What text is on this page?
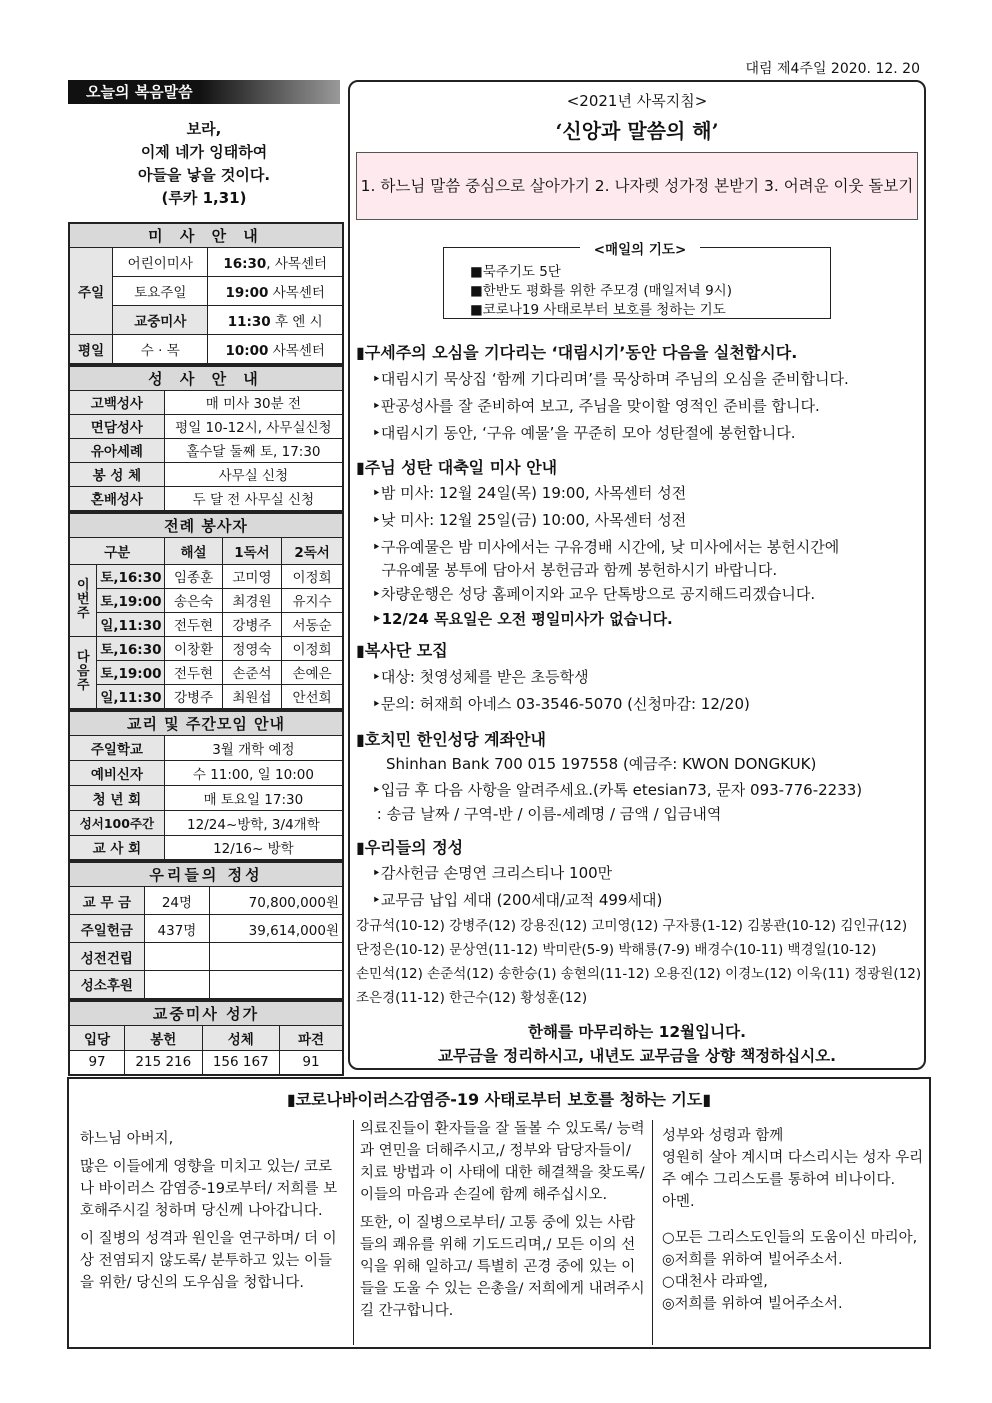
대림 제4주일 2020. 12. 20
오늘의 복음말씀
보라,
이제 네가 잉태하여
아들을 낳을 것이다.
(루카 1,31)
미 사 안 내		
주일	어린이미사	16:30, 사목센터
	토요주일	19:00 사목센터
	교중미사	11:30 후 엔 시
평일	수 · 목	10:00 사목센터
성 사 안 내	
고백성사	매 미사 30분 전
면담성사	평일 10-12시, 사무실신청
유아세례	홀수달 둘째 토, 17:30
봉 성 체	사무실 신청
혼배성사	두 달 전 사무실 신청
전례 봉사자				
구분		해설	1독서	2독서
이번주	토,16:30	임종훈	고미영	이정희
	토,19:00	송은숙	최경원	유지수
	일,11:30	전두현	강병주	서동순
다음주	토,16:30	이창환	정영숙	이정희
	토,19:00	전두현	손준석	손예은
	일,11:30	강병주	최원섭	안선희
교리 및 주간모임 안내	
주일학교	3월 개학 예정
예비신자	수 11:00, 일 10:00
청 년 회	매 토요일 17:30
성서100주간	12/24~방학, 3/4개학
교 사 회	12/16~ 방학
우리들의 정성		
교 무 금	24명	70,800,000원
주일헌금	437명	39,614,000원
성전건립		
성소후원		
교중미사 성가			
입당	봉헌	성체	파견
97	215 216	156 167	91
<2021년 사목지침>
‘신앙과 말씀의 해’
1. 하느님 말씀 중심으로 살아가기 2. 나자렛 성가정 본받기 3. 어려운 이웃 돌보기
<매일의 기도>
■묵주기도 5단
■한반도 평화를 위한 주모경 (매일저녁 9시)
■코로나19 사태로부터 보호를 청하는 기도
▮구세주의 오심을 기다리는 ‘대림시기’동안 다음을 실천합시다.
‣대림시기 묵상집 ‘함께 기다리며’를 묵상하며 주님의 오심을 준비합니다.
‣판공성사를 잘 준비하여 보고, 주님을 맞이할 영적인 준비를 합니다.
‣대림시기 동안, ‘구유 예물’을 꾸준히 모아 성탄절에 봉헌합니다.
▮주님 성탄 대축일 미사 안내
‣밤 미사: 12월 24일(목) 19:00, 사목센터 성전
‣낮 미사: 12월 25일(금) 10:00, 사목센터 성전
‣구유예물은 밤 미사에서는 구유경배 시간에, 낮 미사에서는 봉헌시간에
구유예물 봉투에 담아서 봉헌금과 함께 봉헌하시기 바랍니다.
‣차량운행은 성당 홈페이지와 교우 단톡방으로 공지해드리겠습니다.
‣12/24 목요일은 오전 평일미사가 없습니다.
▮복사단 모집
‣대상: 첫영성체를 받은 초등학생
‣문의: 허재희 아네스 03-3546-5070 (신청마감: 12/20)
▮호치민 한인성당 계좌안내
Shinhan Bank 700 015 197558 (예금주: KWON DONGKUK)
‣입금 후 다음 사항을 알려주세요.(카톡 etesian73, 문자 093-776-2233)
: 송금 날짜 / 구역-반 / 이름-세례명 / 금액 / 입금내역
▮우리들의 정성
‣감사헌금 손명연 크리스티나 100만
‣교무금 납입 세대 (200세대/교적 499세대)
강규석(10-12) 강병주(12) 강용진(12) 고미영(12) 구자룡(1-12) 김봉관(10-12) 김인규(12)
단정은(10-12) 문상연(11-12) 박미란(5-9) 박해룡(7-9) 배경수(10-11) 백경일(10-12)
손민석(12) 손준석(12) 송한승(1) 송현의(11-12) 오용진(12) 이경노(12) 이욱(11) 정광원(12)
조은경(11-12) 한근수(12) 황성훈(12)
한해를 마무리하는 12월입니다.
교무금을 정리하시고, 내년도 교무금을 상향 책정하십시오.
▮코로나바이러스감염증-19 사태로부터 보호를 청하는 기도▮

하느님 아버지,

많은 이들에게 영향을 미치고 있는/ 코로나 바이러스 감염증-19로부터/ 저희를 보호해주시길 청하며 당신께 나아갑니다.

이 질병의 성격과 원인을 연구하며/ 더 이상 전염되지 않도록/ 분투하고 있는 이들을 위한/ 당신의 도우심을 청합니다.

의료진들이 환자들을 잘 돌볼 수 있도록/ 능력과 연민을 더해주시고,/ 정부와 담당자들이/ 치료 방법과 이 사태에 대한 해결책을 찾도록/ 이들의 마음과 손길에 함께 해주십시오.

또한, 이 질병으로부터/ 고통 중에 있는 사람들의 쾌유를 위해 기도드리며,/ 모든 이의 선익을 위해 일하고/ 특별히 곤경 중에 있는 이들을 도울 수 있는 은총을/ 저희에게 내려주시길 간구합니다.

성부와 성령과 함께

영원히 살아 계시며 다스리시는 성자 우리 주 예수 그리스도를 통하여 비나이다.

아멘.

○모든 그리스도인들의 도움이신 마리아,

◎저희를 위하여 빌어주소서.

○대천사 라파엘,

◎저희를 위하여 빌어주소서.
